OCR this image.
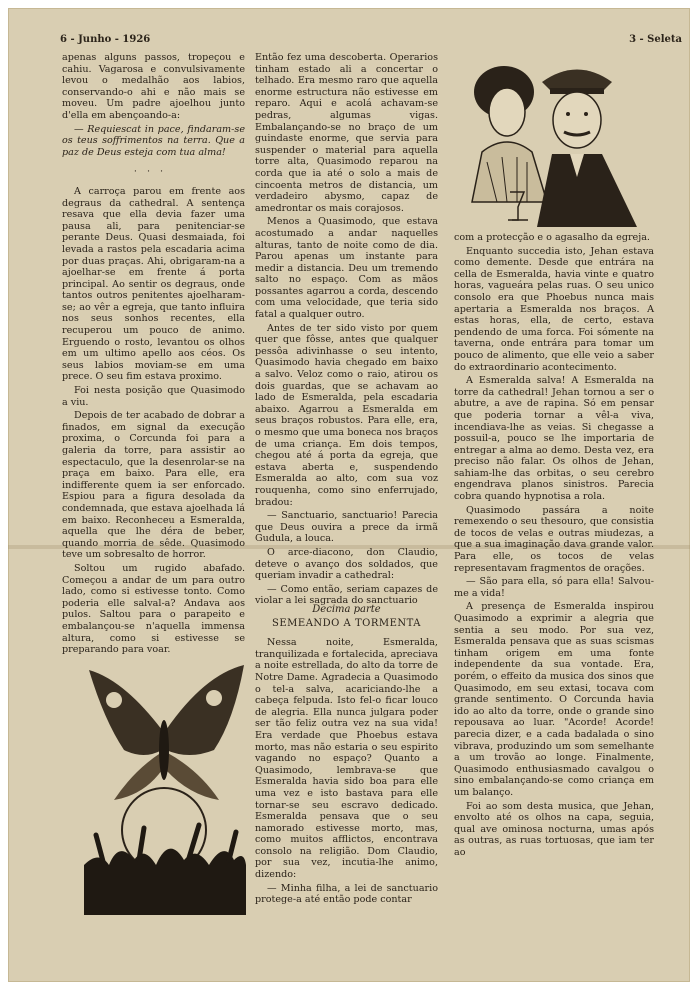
6 - Junho - 1926	3 - Seleta

apenas alguns passos, tropeçou e cahiu. Vagarosa e convulsivamente levou o medalhão aos labios, conservando-o ahi e não mais se moveu. Um padre ajoelhou junto d'ella em abençoando-a:

— Requiescat in pace, findaram-se os teus soffrimentos na terra. Que a paz de Deus esteja com tua alma!

···

A carroça parou em frente aos degraus da cathedral. A sentença resava que ella devia fazer uma pausa ali, para penitenciar-se perante Deus. Quasi desmaiada, foi levada a rastos pela escadaria acima por duas praças. Ahi, obrigaram-na a ajoelhar-se em frente á porta principal. Ao sentir os degraus, onde tantos outros penitentes ajoelharam-se; ao vêr a egreja, que tanto influira nos seus sonhos recentes, ella recuperou um pouco de animo. Erguendo o rosto, levantou os olhos em um ultimo apello aos céos. Os seus labios moviam-se em uma prece. O seu fim estava proximo.

Foi nesta posição que Quasimodo a viu.

Depois de ter acabado de dobrar a finados, em signal da execução proxima, o Corcunda foi para a galeria da torre, para assistir ao espectaculo, que la desenrolar-se na praça em baixo. Para elle, era indifferente quem ia ser enforcado. Espiou para a figura desolada da condemnada, que estava ajoelhada lá em baixo. Reconheceu a Esmeralda, aquella que lhe déra de beber, quando morria de sêde. Quasimodo teve um sobresalto de horror.

Soltou um rugido abafado. Começou a andar de um para outro lado, como si estivesse tonto. Como poderia elle salval-a? Andava aos pulos. Saltou para o parapeito e embalançou-se n'aquella immensa altura, como si estivesse se preparando para voar.

Então fez uma descoberta. Operarios tinham estado ali a concertar o telhado. Era mesmo raro que aquella enorme estructura não estivesse em reparo. Aqui e acolá achavam-se pedras, algumas vigas. Embalançando-se no braço de um guindaste enorme, que servia para suspender o material para aquella torre alta, Quasimodo reparou na corda que ia até o solo a mais de cincoenta metros de distancia, um verdadeiro abysmo, capaz de amedrontar os mais corajosos.

Menos a Quasimodo, que estava acostumado a andar naquelles alturas, tanto de noite como de dia. Parou apenas um instante para medir a distancia. Deu um tremendo salto no espaço. Com as mãos possantes agarrou a corda, descendo com uma velocidade, que teria sido fatal a qualquer outro.

Antes de ter sido visto por quem quer que fôsse, antes que qualquer pessôa adivinhasse o seu intento, Quasimodo havia chegado em baixo a salvo. Veloz como o raio, atirou os dois guardas, que se achavam ao lado de Esmeralda, pela escadaria abaixo. Agarrou a Esmeralda em seus braços robustos. Para elle, era, o mesmo que uma boneca nos braços de uma criança. Em dois tempos, chegou até á porta da egreja, que estava aberta e, suspendendo Esmeralda ao alto, com sua voz rouquenha, como sino enferrujado, bradou:

— Sanctuario, sanctuario! Parecia que Deus ouvira a prece da irmã Gudula, a louca.

O arce-diacono, don Claudio, deteve o avanço dos soldados, que queriam invadir a cathedral:

— Como então, seriam capazes de violar a lei sagrada do sanctuario

Decima parte
SEMEANDO A TORMENTA

Nessa noite, Esmeralda, tranquilizada e fortalecida, apreciava a noite estrellada, do alto da torre de Notre Dame. Agradecia a Quasimodo o tel-a salva, acariciando-lhe a cabeça felpuda. Isto fel-o ficar louco de alegria. Ella nunca julgara poder ser tão feliz outra vez na sua vida! Era verdade que Phoebus estava morto, mas não estaria o seu espirito vagando no espaço? Quanto a Quasimodo, lembrava-se que Esmeralda havia sido boa para elle uma vez e isto bastava para elle tornar-se seu escravo dedicado. Esmeralda pensava que o seu namorado estivesse morto, mas, como muitos afflictos, encontrava consolo na religião. Dom Claudio, por sua vez, incutia-lhe animo, dizendo:

— Minha filha, a lei de sanctuario protege-a até então pode contar

com a protecção e o agasalho da egreja.

Enquanto succedia isto, Jehan estava como demente. Desde que entrára na cella de Esmeralda, havia vinte e quatro horas, vagueára pelas ruas. O seu unico consolo era que Phoebus nunca mais apertaria a Esmeralda nos braços. A estas horas, ella, de certo, estava pendendo de uma forca. Foi sómente na taverna, onde entrára para tomar um pouco de alimento, que elle veio a saber do extraordinario acontecimento.

A Esmeralda salva! A Esmeralda na torre da cathedral! Jehan tornou a ser o abutre, a ave de rapina. Só em pensar que poderia tornar a vêl-a viva, incendiava-lhe as veias. Si chegasse a possuil-a, pouco se lhe importaria de entregar a alma ao demo. Desta vez, era preciso não falar. Os olhos de Jehan, sahiam-lhe das orbitas, o seu cerebro engendrava planos sinistros. Parecia cobra quando hypnotisa a rola.

Quasimodo passára a noite remexendo o seu thesouro, que consistia de tocos de velas e outras miudezas, a que a sua imaginação dava grande valor. Para elle, os tocos de velas representavam fragmentos de orações.

— São para ella, só para ella! Salvou-me a vida!

A presença de Esmeralda inspirou Quasimodo a exprimir a alegria que sentia a seu modo. Por sua vez, Esmeralda pensava que as suas scismas tinham origem em uma fonte independente da sua vontade. Era, porém, o effeito da musica dos sinos que Quasimodo, em seu extasi, tocava com grande sentimento. O Corcunda havia ido ao alto da torre, onde o grande sino repousava ao luar. "Acorde! Acorde! parecia dizer, e a cada badalada o sino vibrava, produzindo um som semelhante a um trovão ao longe. Finalmente, Quasimodo enthusiasmado cavalgou o sino embalançando-se como criança em um balanço.

Foi ao som desta musica, que Jehan, envolto até os olhos na capa, seguia, qual ave ominosa nocturna, umas após as outras, as ruas tortuosas, que iam ter ao
